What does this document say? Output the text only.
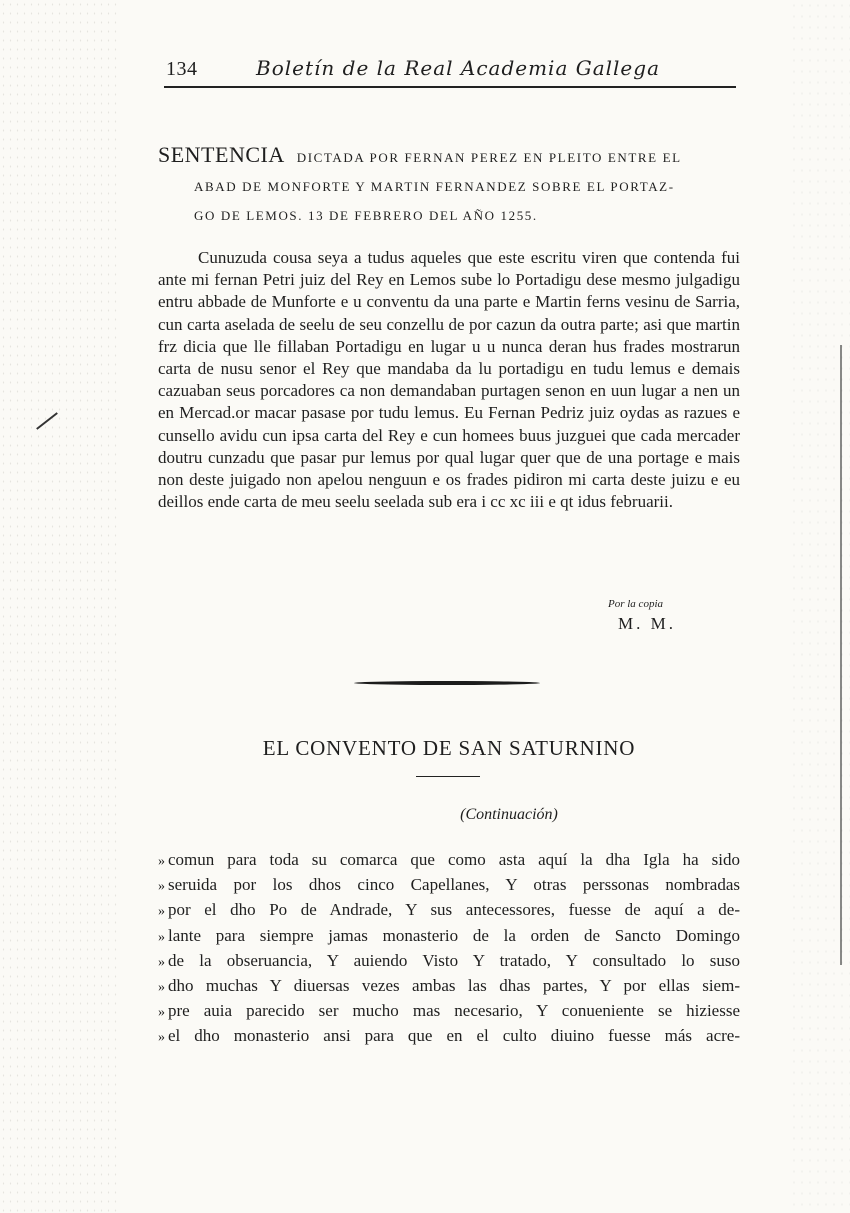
134	Boletín de la Real Academia Gallega
SENTENCIA DICTADA POR FERNAN PEREZ EN PLEITO ENTRE EL
ABAD DE MONFORTE Y MARTIN FERNANDEZ SOBRE EL PORTAZ-
GO DE LEMOS. 13 DE FEBRERO DEL AÑO 1255.

Cunuzuda cousa seya a tudus aqueles que este escritu viren que contenda fui ante mi fernan Petri juiz del Rey en Lemos sube lo Portadigu dese mesmo julgadigu entru abbade de Munforte e u conventu da una parte e Martin ferns vesinu de Sarria, cun carta aselada de seelu de seu conzellu de por cazun da outra parte; asi que martin frz dicia que lle fillaban Portadigu en lugar u u nunca deran hus frades mostrarun carta de nusu senor el Rey que mandaba da lu portadigu en tudu lemus e demais cazuaban seus porcadores ca non demandaban purtagen senon en uun lugar a nen un en Mercad.or macar pasase por tudu lemus. Eu Fernan Pedriz juiz oydas as razues e cunsello avidu cun ipsa carta del Rey e cun homees buus juzguei que cada mercader doutru cunzadu que pasar pur lemus por qual lugar quer que de una portage e mais non deste juigado non apelou nenguun e os frades pidiron mi carta deste juizu e eu deillos ende carta de meu seelu seelada sub era i cc xc iii e qt idus februarii.

Por la copia
M. M.
EL CONVENTO DE SAN SATURNINO
(Continuación)
» comun para toda su comarca que como asta aquí la dha Igla ha sido
» seruida por los dhos cinco Capellanes, Y otras perssonas nombradas
» por el dho Po de Andrade, Y sus antecessores, fuesse de aquí a de-
» lante para siempre jamas monasterio de la orden de Sancto Domingo
» de la obseruancia, Y auiendo Visto Y tratado, Y consultado lo suso
» dho muchas Y diuersas vezes ambas las dhas partes, Y por ellas siem-
» pre auia parecido ser mucho mas necesario, Y conueniente se hiziesse
» el dho monasterio ansi para que en el culto diuino fuesse más acre-
